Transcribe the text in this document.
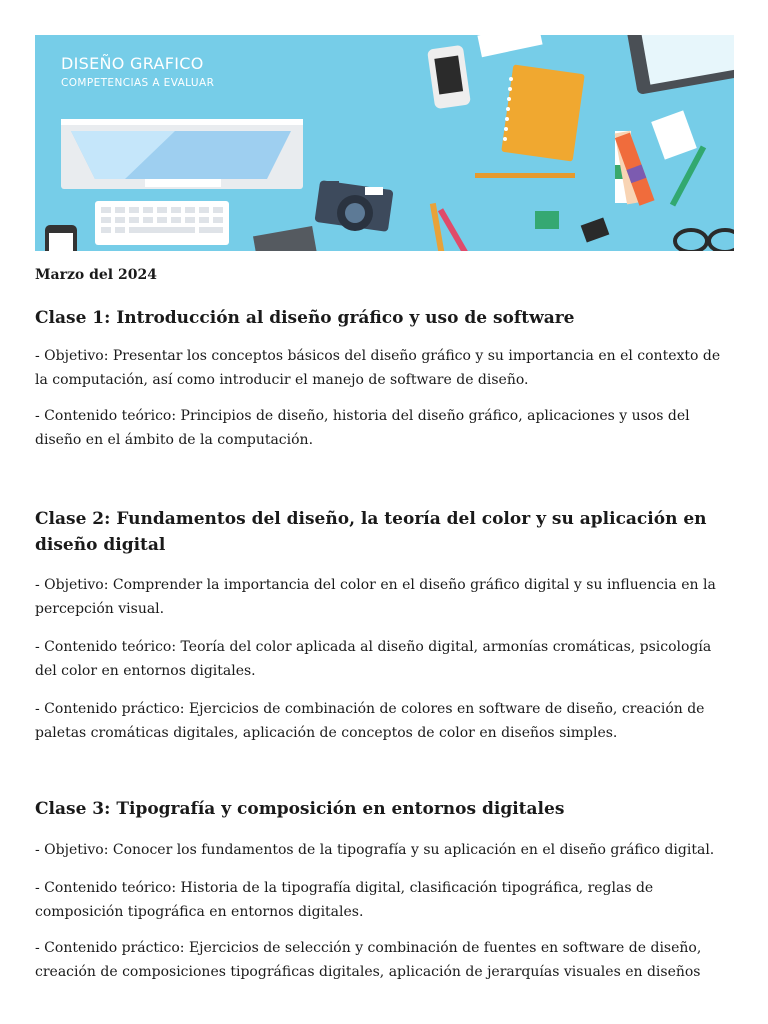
DISEÑO GRAFICO
COMPETENCIAS A EVALUAR
Marzo del 2024
Clase 1: Introducción al diseño gráfico y uso de software

- Objetivo: Presentar los conceptos básicos del diseño gráfico y su importancia en el contexto de la computación, así como introducir el manejo de software de diseño.

- Contenido teórico: Principios de diseño, historia del diseño gráfico, aplicaciones y usos del diseño en el ámbito de la computación.

Clase 2: Fundamentos del diseño, la teoría del color y su aplicación en diseño digital

- Objetivo: Comprender la importancia del color en el diseño gráfico digital y su influencia en la percepción visual.

- Contenido teórico: Teoría del color aplicada al diseño digital, armonías cromáticas, psicología del color en entornos digitales.

- Contenido práctico: Ejercicios de combinación de colores en software de diseño, creación de paletas cromáticas digitales, aplicación de conceptos de color en diseños simples.

Clase 3: Tipografía y composición en entornos digitales

- Objetivo: Conocer los fundamentos de la tipografía y su aplicación en el diseño gráfico digital.

- Contenido teórico: Historia de la tipografía digital, clasificación tipográfica, reglas de composición tipográfica en entornos digitales.

- Contenido práctico: Ejercicios de selección y combinación de fuentes en software de diseño, creación de composiciones tipográficas digitales, aplicación de jerarquías visuales en diseños
